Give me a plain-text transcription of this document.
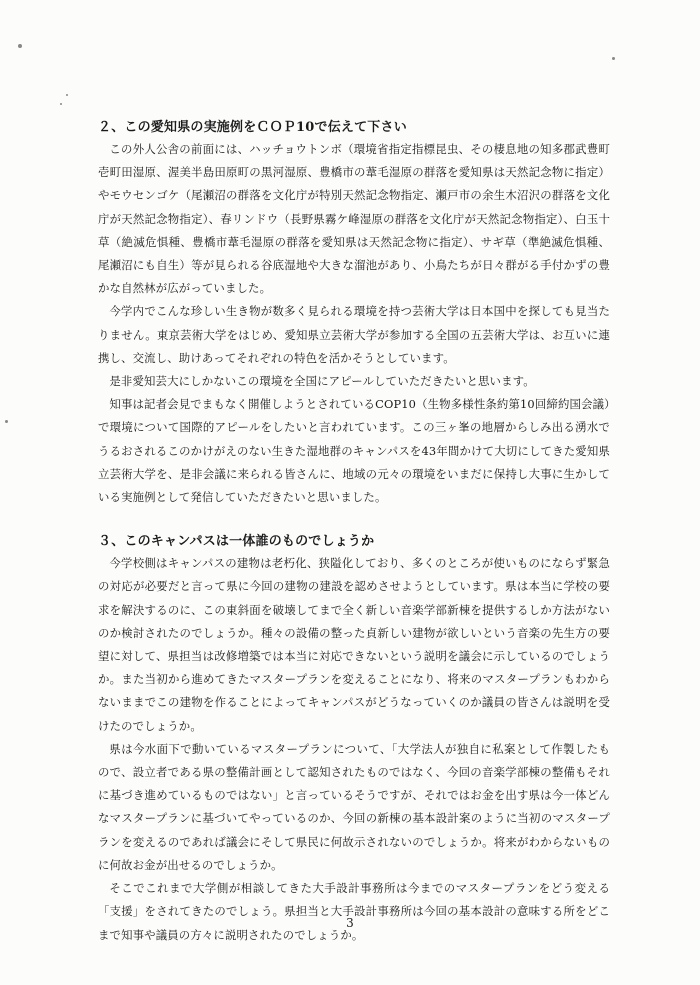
２、この愛知県の実施例をＣＯＰ10で伝えて下さい

この外人公舎の前面には、ハッチョウトンボ（環境省指定指標昆虫、その棲息地の知多郡武豊町壱町田湿原、渥美半島田原町の黒河湿原、豊橋市の葦毛湿原の群落を愛知県は天然記念物に指定）やモウセンゴケ（尾瀬沼の群落を文化庁が特別天然記念物指定、瀬戸市の余生木沼沢の群落を文化庁が天然記念物指定）、春リンドウ（長野県霧ケ峰湿原の群落を文化庁が天然記念物指定）、白玉十草（絶滅危惧種、豊橋市葦毛湿原の群落を愛知県は天然記念物に指定）、サギ草（準絶滅危惧種、尾瀬沼にも自生）等が見られる谷底湿地や大きな溜池があり、小鳥たちが日々群がる手付かずの豊かな自然林が広がっていました。

今学内でこんな珍しい生き物が数多く見られる環境を持つ芸術大学は日本国中を探しても見当たりません。東京芸術大学をはじめ、愛知県立芸術大学が参加する全国の五芸術大学は、お互いに連携し、交流し、助けあってそれぞれの特色を活かそうとしています。

是非愛知芸大にしかないこの環境を全国にアピールしていただきたいと思います。

知事は記者会見でまもなく開催しようとされているCOP10（生物多様性条約第10回締約国会議）で環境について国際的アピールをしたいと言われています。この三ヶ峯の地層からしみ出る湧水でうるおされるこのかけがえのない生きた湿地群のキャンパスを43年間かけて大切にしてきた愛知県立芸術大学を、是非会議に来られる皆さんに、地域の元々の環境をいまだに保持し大事に生かしている実施例として発信していただきたいと思いました。

３、このキャンパスは一体誰のものでしょうか

今学校側はキャンパスの建物は老朽化、狭隘化しており、多くのところが使いものにならず緊急の対応が必要だと言って県に今回の建物の建設を認めさせようとしています。県は本当に学校の要求を解決するのに、この東斜面を破壊してまで全く新しい音楽学部新棟を提供するしか方法がないのか検討されたのでしょうか。種々の設備の整った貞新しい建物が欲しいという音楽の先生方の要望に対して、県担当は改修増築では本当に対応できないという説明を議会に示しているのでしょうか。また当初から進めてきたマスタープランを変えることになり、将来のマスタープランもわからないままでこの建物を作ることによってキャンパスがどうなっていくのか議員の皆さんは説明を受けたのでしょうか。

県は今水面下で動いているマスタープランについて、「大学法人が独自に私案として作製したもので、設立者である県の整備計画として認知されたものではなく、今回の音楽学部棟の整備もそれに基づき進めているものではない」と言っているそうですが、それではお金を出す県は今一体どんなマスタープランに基づいてやっているのか、今回の新棟の基本設計案のように当初のマスタープランを変えるのであれば議会にそして県民に何故示されないのでしょうか。将来がわからないものに何故お金が出せるのでしょうか。

そこでこれまで大学側が相談してきた大手設計事務所は今までのマスタープランをどう変える「支援」をされてきたのでしょう。県担当と大手設計事務所は今回の基本設計の意味する所をどこまで知事や議員の方々に説明されたのでしょうか。

3
